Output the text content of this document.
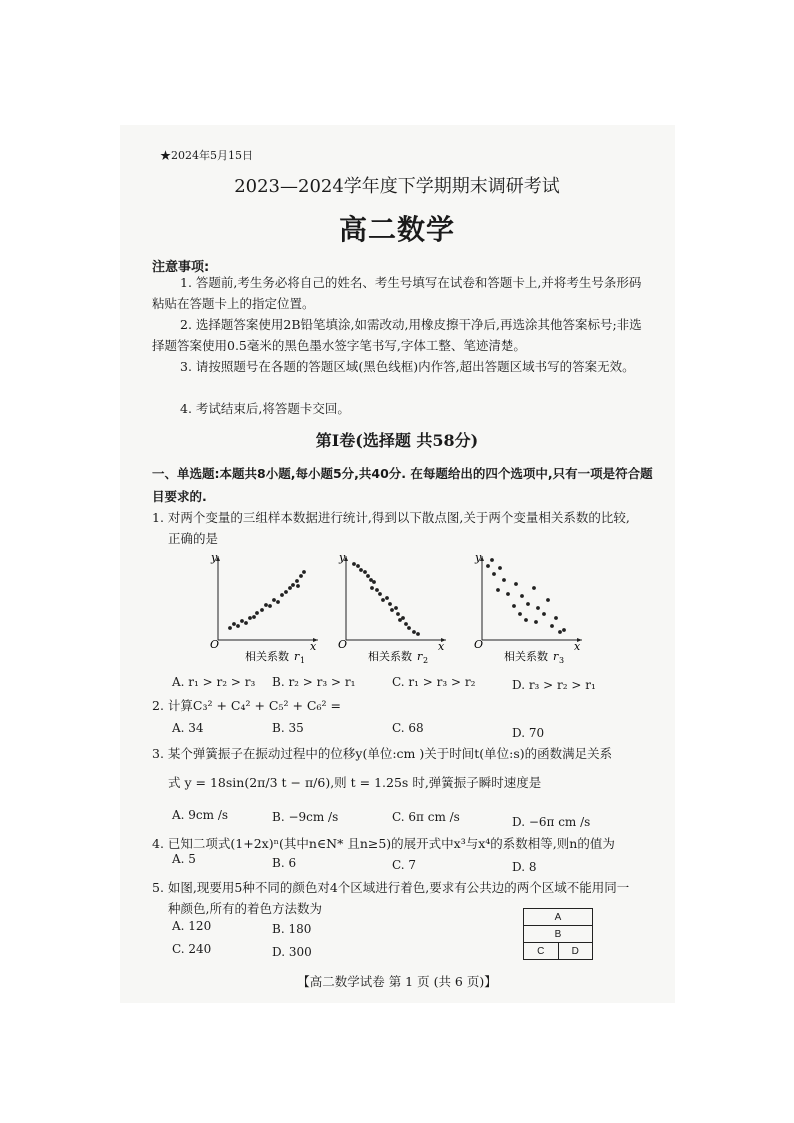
★2024年5月15日
2023—2024学年度下学期期末调研考试
高二数学
注意事项:
1. 答题前,考生务必将自己的姓名、考生号填写在试卷和答题卡上,并将考生号条形码粘贴在答题卡上的指定位置。
2. 选择题答案使用2B铅笔填涂,如需改动,用橡皮擦干净后,再选涂其他答案标号;非选择题答案使用0.5毫米的黑色墨水签字笔书写,字体工整、笔迹清楚。
3. 请按照题号在各题的答题区域(黑色线框)内作答,超出答题区域书写的答案无效。
4. 考试结束后,将答题卡交回。
第Ⅰ卷(选择题 共58分)
一、单选题:本题共8小题,每小题5分,共40分. 在每题给出的四个选项中,只有一项是符合题目要求的.
1. 对两个变量的三组样本数据进行统计,得到以下散点图,关于两个变量相关系数的比较,
正确的是
y
x
O
相关系数 r 1
y
x
O
相关系数 r 2
y
x
O
相关系数 r 3
A. r₁ > r₂ > r₃ B. r₂ > r₃ > r₁	C. r₁ > r₃ > r₂	D. r₃ > r₂ > r₁
2. 计算C₃² + C₄² + C₅² + C₆² =
A. 34	B. 35	C. 68	D. 70
3. 某个弹簧振子在振动过程中的位移y(单位:cm )关于时间t(单位:s)的函数满足关系
式 y = 18sin(2π/3 t − π/6),则 t = 1.25s 时,弹簧振子瞬时速度是
A. 9cm /s	B. −9cm /s	C. 6π cm /s	D. −6π cm /s
4. 已知二项式(1+2x)ⁿ(其中n∈N* 且n≥5)的展开式中x³与x⁴的系数相等,则n的值为
A. 5	B. 6	C. 7	D. 8
5. 如图,现要用5种不同的颜色对4个区域进行着色,要求有公共边的两个区域不能用同一
种颜色,所有的着色方法数为
A. 120	B. 180
C. 240	D. 300
A
B
C	D
【高二数学试卷 第 1 页 (共 6 页)】
